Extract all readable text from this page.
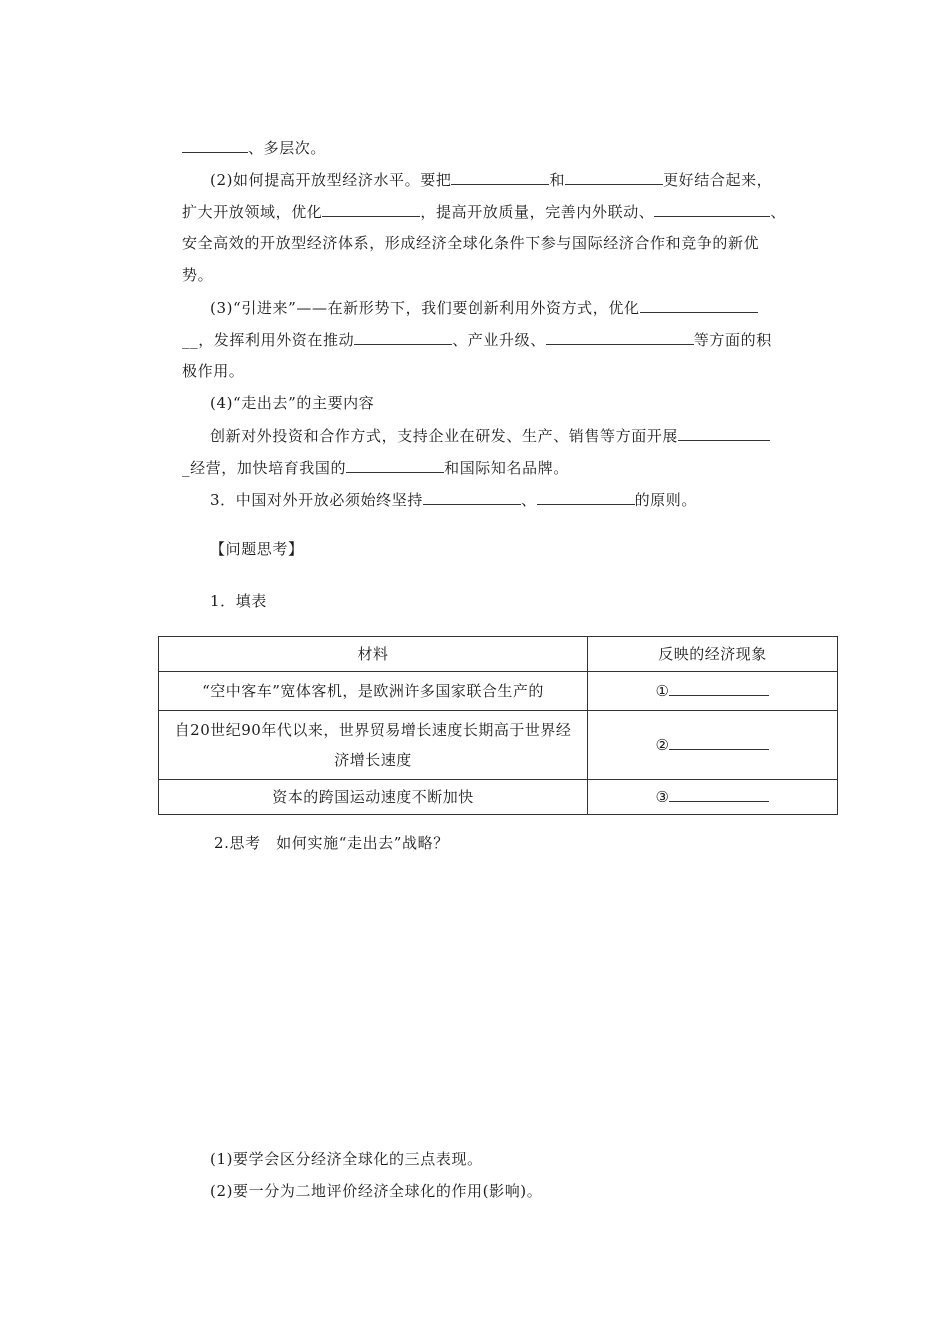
、多层次。
(2)如何提高开放型经济水平。要把	和	更好结合起来，
扩大开放领域，优化	，提高开放质量，完善内外联动、	、
安全高效的开放型经济体系，形成经济全球化条件下参与国际经济合作和竞争的新优
势。
(3)“引进来”——在新形势下，我们要创新利用外资方式，优化
__，发挥利用外资在推动	、产业升级、	等方面的积
极作用。
(4)“走出去”的主要内容
创新对外投资和合作方式，支持企业在研发、生产、销售等方面开展
_经营，加快培育我国的	和国际知名品牌。
3．中国对外开放必须始终坚持	、	的原则。
【问题思考】
1．填表
材料	反映的经济现象
“空中客车”宽体客机，是欧洲许多国家联合生产的	①
自20世纪90年代以来，世界贸易增长速度长期高于世界经济增长速度	②
资本的跨国运动速度不断加快	③
2.思考　如何实施“走出去”战略？
(1)要学会区分经济全球化的三点表现。
(2)要一分为二地评价经济全球化的作用(影响)。
